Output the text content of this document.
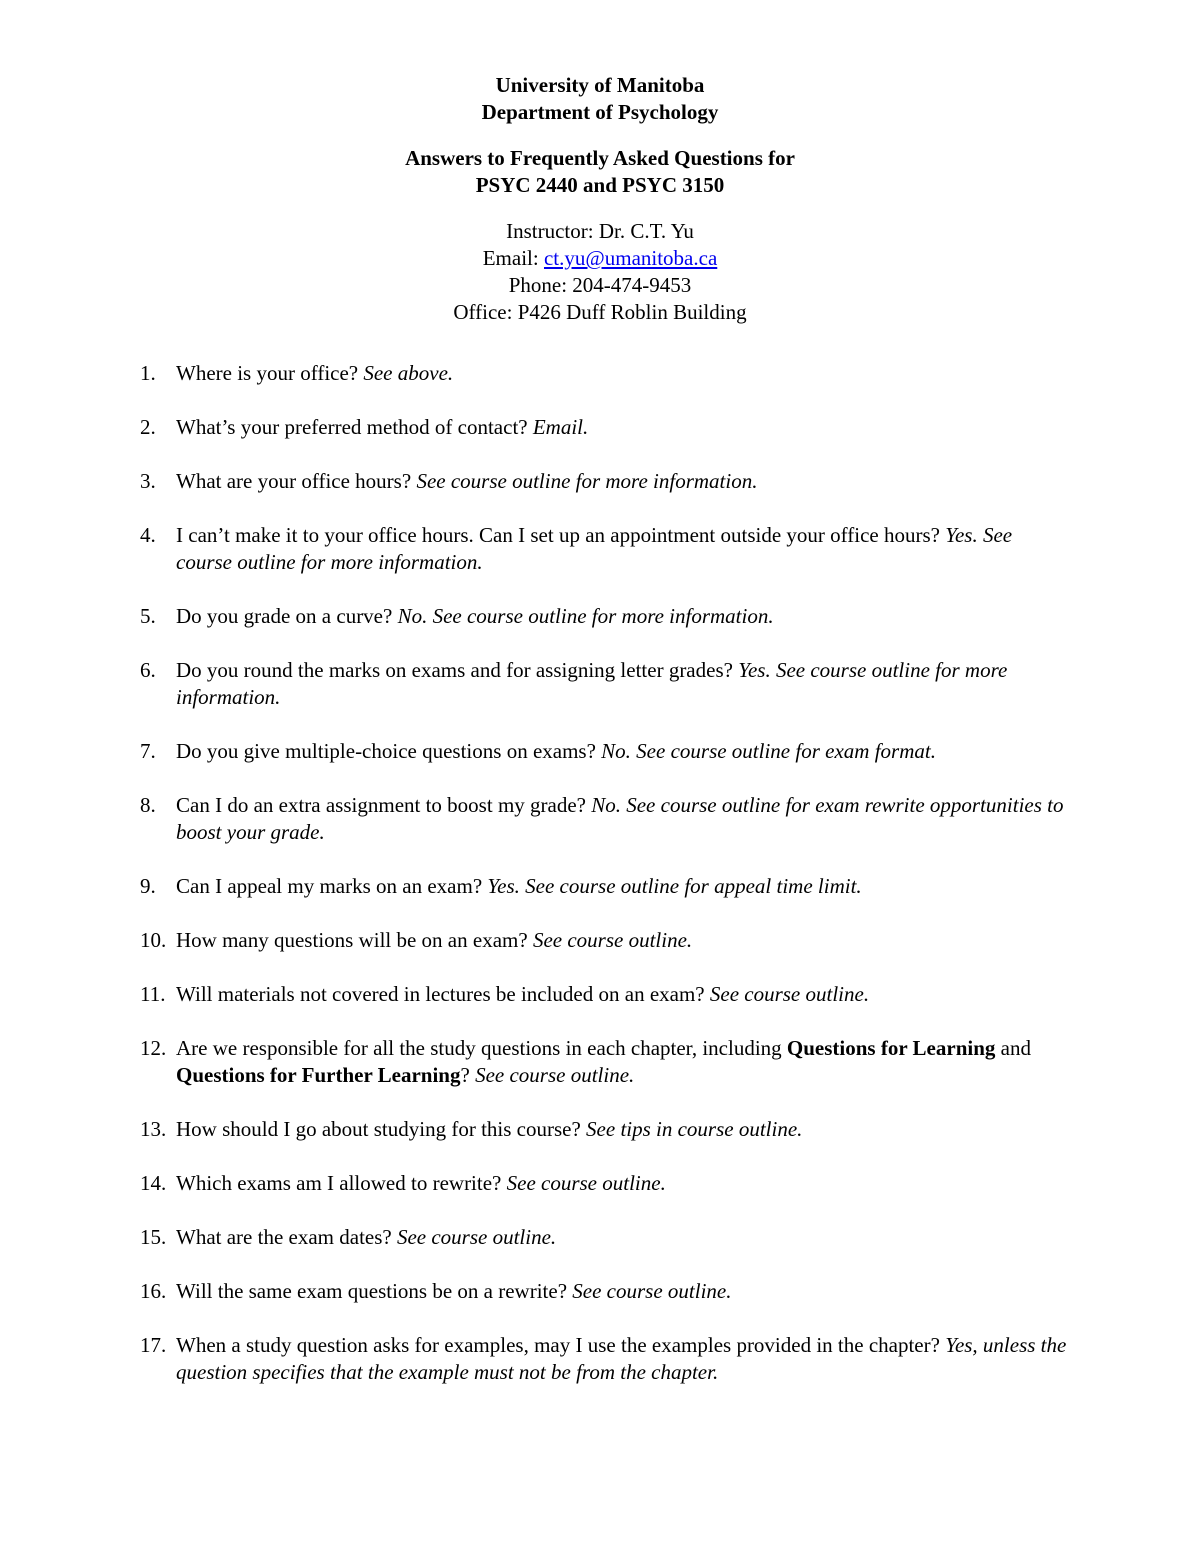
University of Manitoba
Department of Psychology
Answers to Frequently Asked Questions for
PSYC 2440 and PSYC 3150
Instructor: Dr. C.T. Yu
Email: ct.yu@umanitoba.ca
Phone: 204-474-9453
Office: P426 Duff Roblin Building
1. Where is your office? See above.
2. What’s your preferred method of contact? Email.
3. What are your office hours? See course outline for more information.
4. I can’t make it to your office hours. Can I set up an appointment outside your office hours? Yes. See course outline for more information.
5. Do you grade on a curve? No. See course outline for more information.
6. Do you round the marks on exams and for assigning letter grades? Yes. See course outline for more information.
7. Do you give multiple-choice questions on exams? No. See course outline for exam format.
8. Can I do an extra assignment to boost my grade? No. See course outline for exam rewrite opportunities to boost your grade.
9. Can I appeal my marks on an exam? Yes. See course outline for appeal time limit.
10. How many questions will be on an exam? See course outline.
11. Will materials not covered in lectures be included on an exam? See course outline.
12. Are we responsible for all the study questions in each chapter, including Questions for Learning and Questions for Further Learning? See course outline.
13. How should I go about studying for this course? See tips in course outline.
14. Which exams am I allowed to rewrite? See course outline.
15. What are the exam dates? See course outline.
16. Will the same exam questions be on a rewrite? See course outline.
17. When a study question asks for examples, may I use the examples provided in the chapter? Yes, unless the question specifies that the example must not be from the chapter.
